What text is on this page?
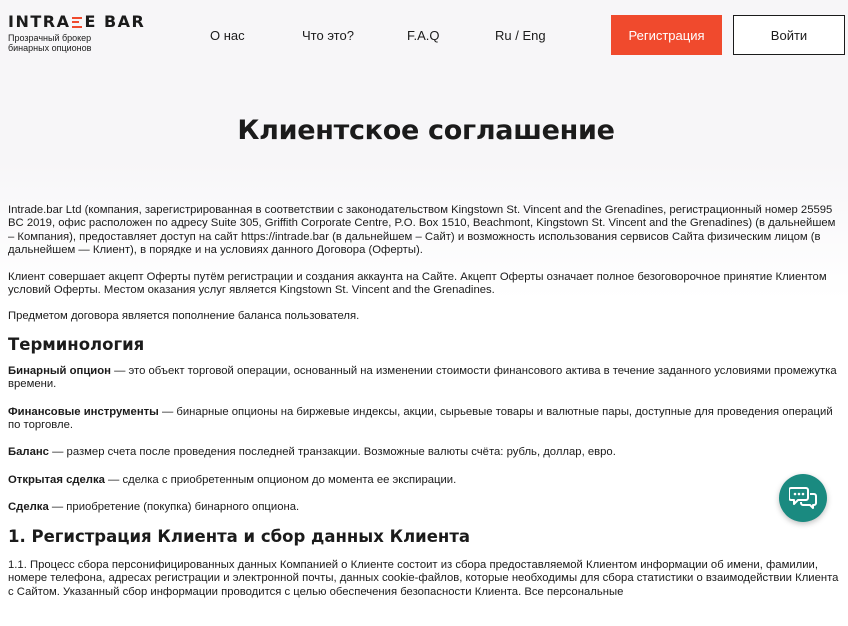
INTRA E BAR
Прозрачный брокер бинарных опционов
О нас	Что это?	F.A.Q	Ru / Eng	Регистрация	Войти
Клиентское соглашение

Intrade.bar Ltd (компания, зарегистрированная в соответствии с законодательством Kingstown St. Vincent and the Grenadines, регистрационный номер 25595 BC 2019, офис расположен по адресу Suite 305, Griffith Corporate Centre, P.O. Box 1510, Beachmont, Kingstown St. Vincent and the Grenadines) (в дальнейшем – Компания), предоставляет доступ на сайт https://intrade.bar (в дальнейшем – Сайт) и возможность использования сервисов Сайта физическим лицом (в дальнейшем — Клиент), в порядке и на условиях данного Договора (Оферты).

Клиент совершает акцепт Оферты путём регистрации и создания аккаунта на Сайте. Акцепт Оферты означает полное безоговорочное принятие Клиентом условий Оферты. Местом оказания услуг является Kingstown St. Vincent and the Grenadines.

Предметом договора является пополнение баланса пользователя.

Терминология

Бинарный опцион — это объект торговой операции, основанный на изменении стоимости финансового актива в течение заданного условиями промежутка времени.

Финансовые инструменты — бинарные опционы на биржевые индексы, акции, сырьевые товары и валютные пары, доступные для проведения операций по торговле.

Баланс — размер счета после проведения последней транзакции. Возможные валюты счёта: рубль, доллар, евро.

Открытая сделка — сделка с приобретенным опционом до момента ее экспирации.

Сделка — приобретение (покупка) бинарного опциона.

1. Регистрация Клиента и сбор данных Клиента

1.1. Процесс сбора персонифицированных данных Компанией о Клиенте состоит из сбора предоставляемой Клиентом информации об имени, фамилии, номере телефона, адресах регистрации и электронной почты, данных cookie-файлов, которые необходимы для сбора статистики о взаимодействии Клиента с Сайтом. Указанный сбор информации проводится с целью обеспечения безопасности Клиента. Все персональные
